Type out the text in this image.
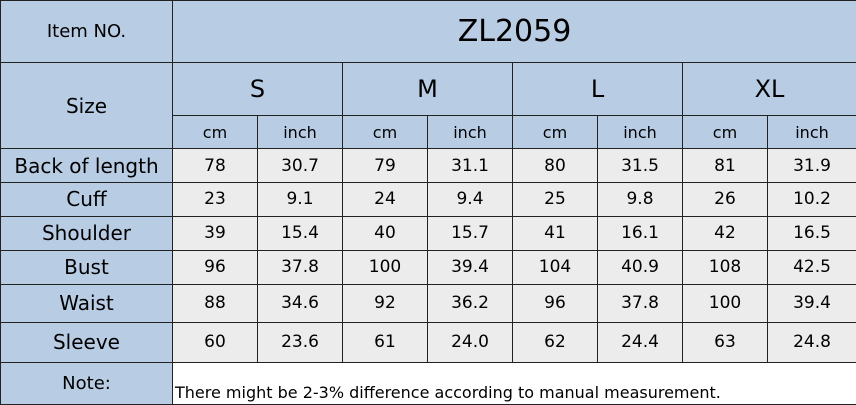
Item NO.	ZL2059							
Size	S		M		L		XL	
	cm	inch	cm	inch	cm	inch	cm	inch
Back of length	78	30.7	79	31.1	80	31.5	81	31.9
Cuff	23	9.1	24	9.4	25	9.8	26	10.2
Shoulder	39	15.4	40	15.7	41	16.1	42	16.5
Bust	96	37.8	100	39.4	104	40.9	108	42.5
Waist	88	34.6	92	36.2	96	37.8	100	39.4
Sleeve	60	23.6	61	24.0	62	24.4	63	24.8
Note:	There might be 2-3% difference according to manual measurement.							
